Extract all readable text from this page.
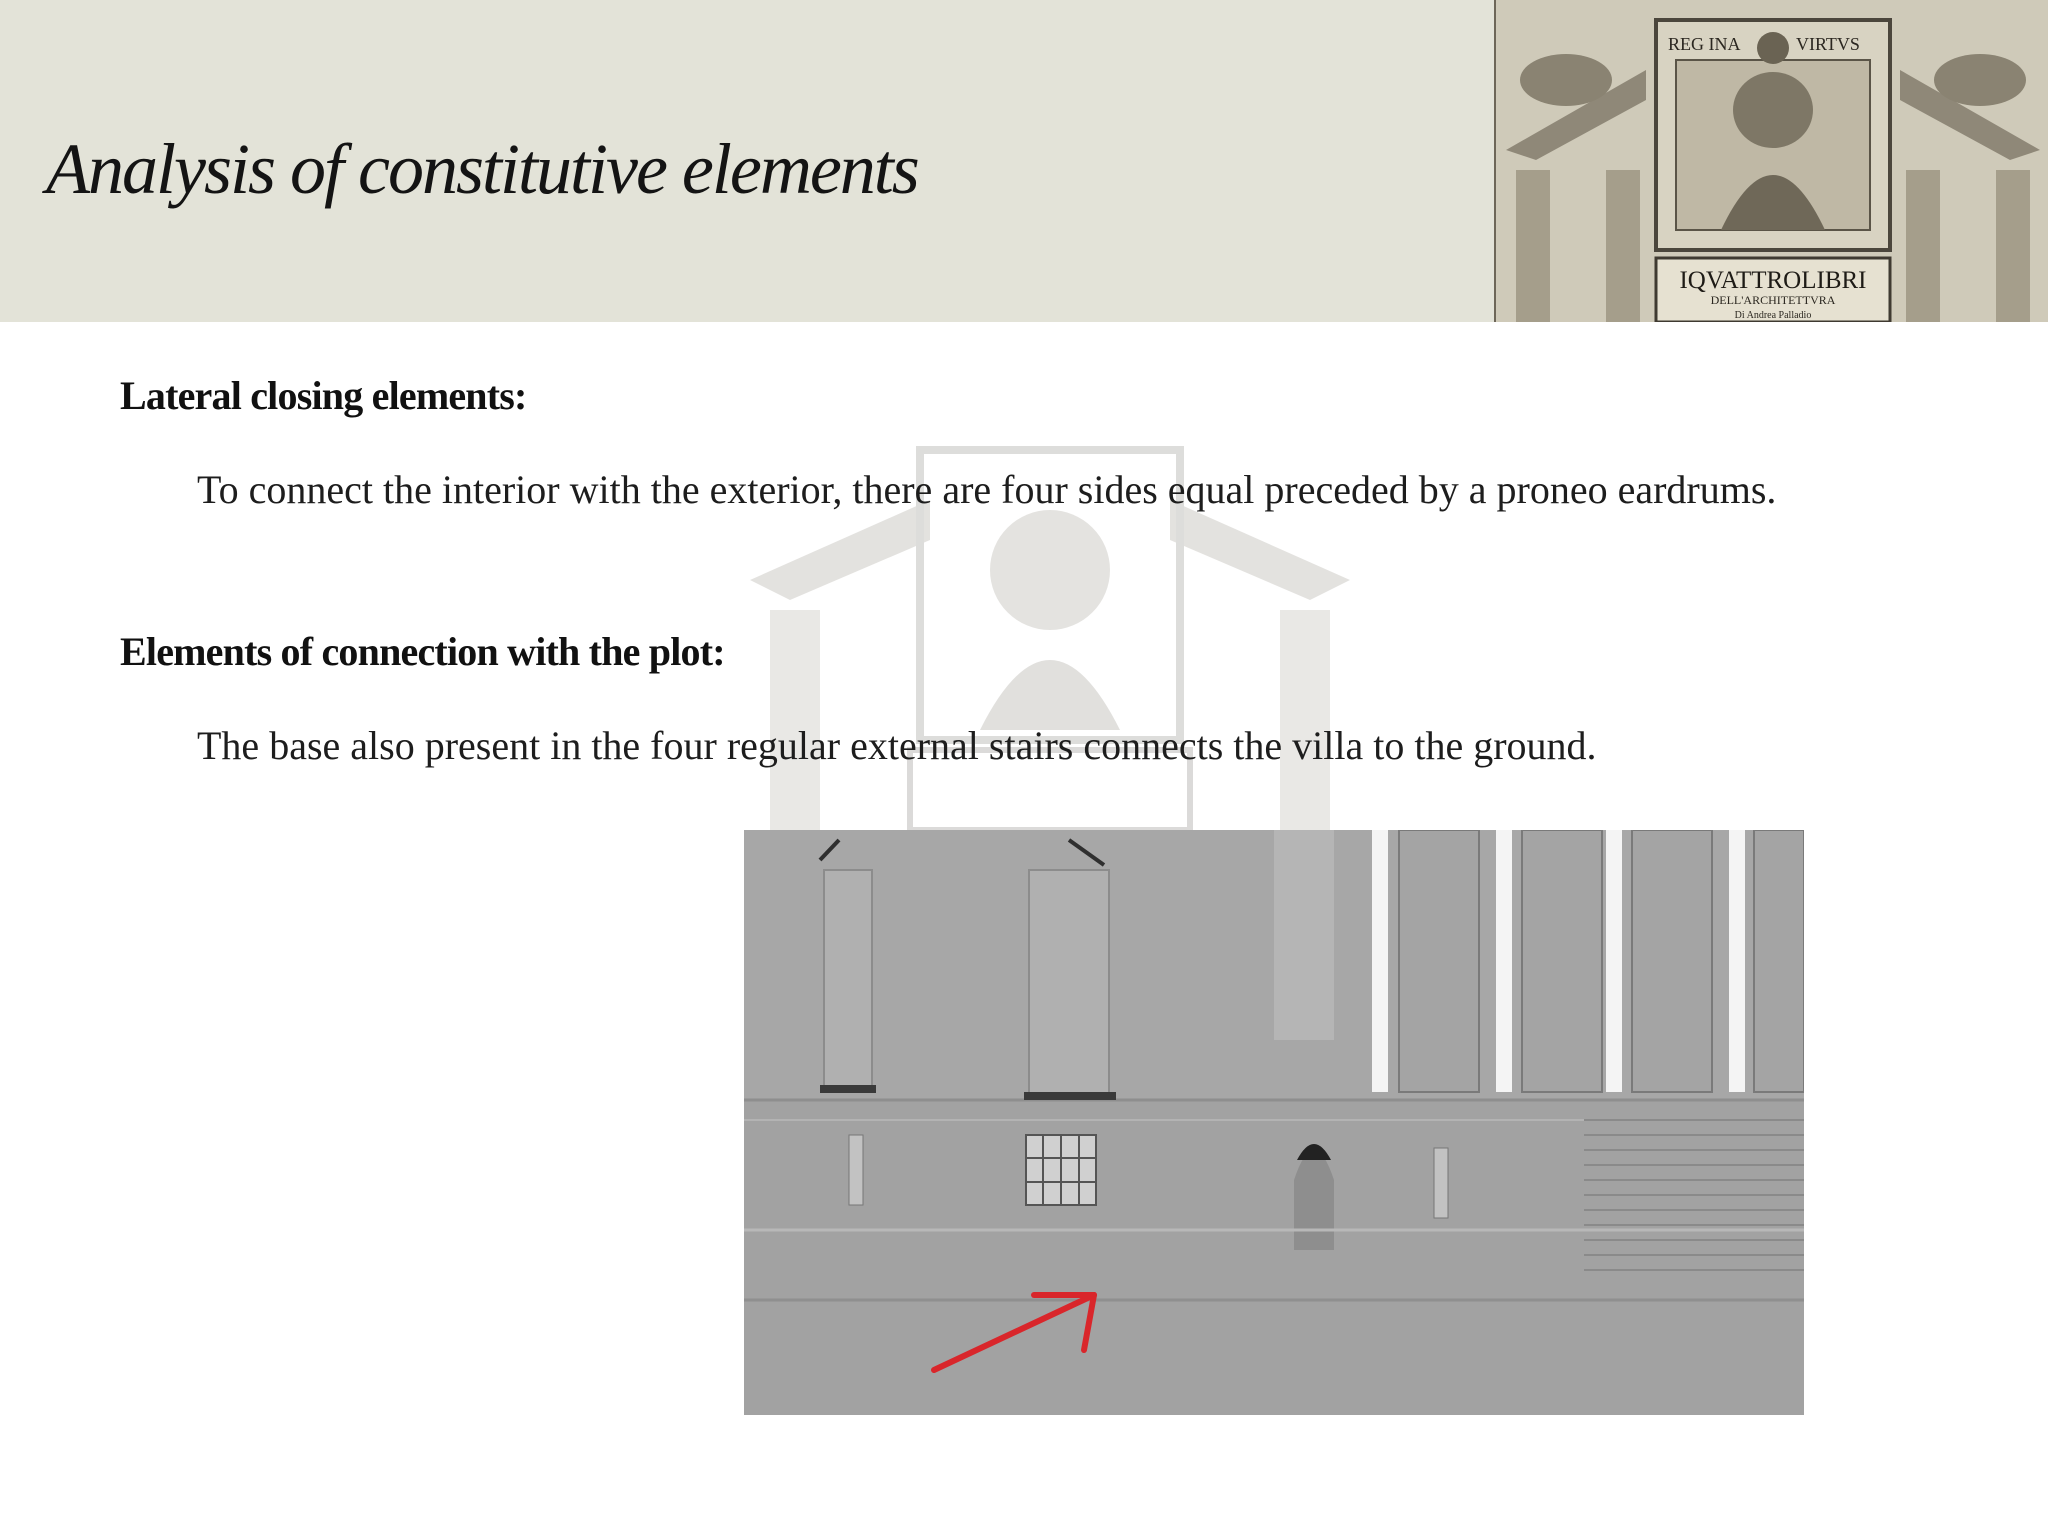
Analysis of constitutive elements
REG INA	VIRTVS
IQVATTROLIBRI
DELL'ARCHITETTVRA
Di Andrea Palladio
Lateral closing elements:
To connect the interior with the exterior, there are four sides equal preceded by a proneo eardrums.
Elements of connection with the plot:
The base also present in the four regular external stairs connects the villa to the ground.
